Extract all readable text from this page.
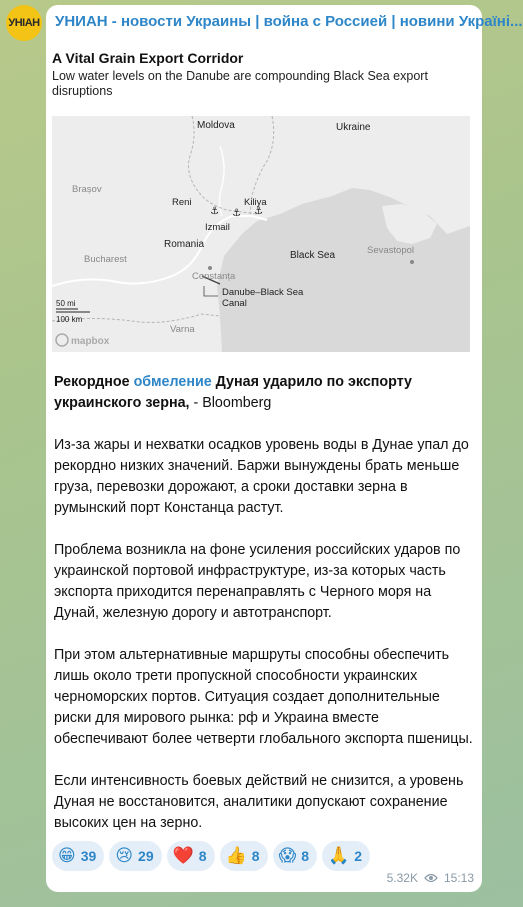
УНІАН УНИАН - новости Украины | война с Россией | новини Україні...
A Vital Grain Export Corridor
Low water levels on the Danube are compounding Black Sea export disruptions
⚓ ⚓ ⚓
Moldova	Ukraine
Brașov
Reni	Kiliya
Izmail
Romania
Black Sea	Sevastopol
Bucharest
Constanța
Danube–Black Sea
Canal
Varna
50 mi
100 km
mapbox

Рекордное обмеление Дуная ударило по экспорту украинского зерна, - Bloomberg

Из-за жары и нехватки осадков уровень воды в Дунае упал до рекордно низких значений. Баржи вынуждены брать меньше груза, перевозки дорожают, а сроки доставки зерна в румынский порт Констанца растут.

Проблема возникла на фоне усиления российских ударов по украинской портовой инфраструктуре, из-за которых часть экспорта приходится перенаправлять с Черного моря на Дунай, железную дорогу и автотранспорт.

При этом альтернативные маршруты способны обеспечить лишь около трети пропускной способности украинских черноморских портов. Ситуация создает дополнительные риски для мирового рынка: рф и Украина вместе обеспечивают более четверти глобального экспорта пшеницы.

Если интенсивность боевых действий не снизится, а уровень Дуная не восстановится, аналитики допускают сохранение высоких цен на зерно.

😁 39 😢 29 ❤️ 8 👍 8 😱 8 🙏 2
5.32K 15:13
